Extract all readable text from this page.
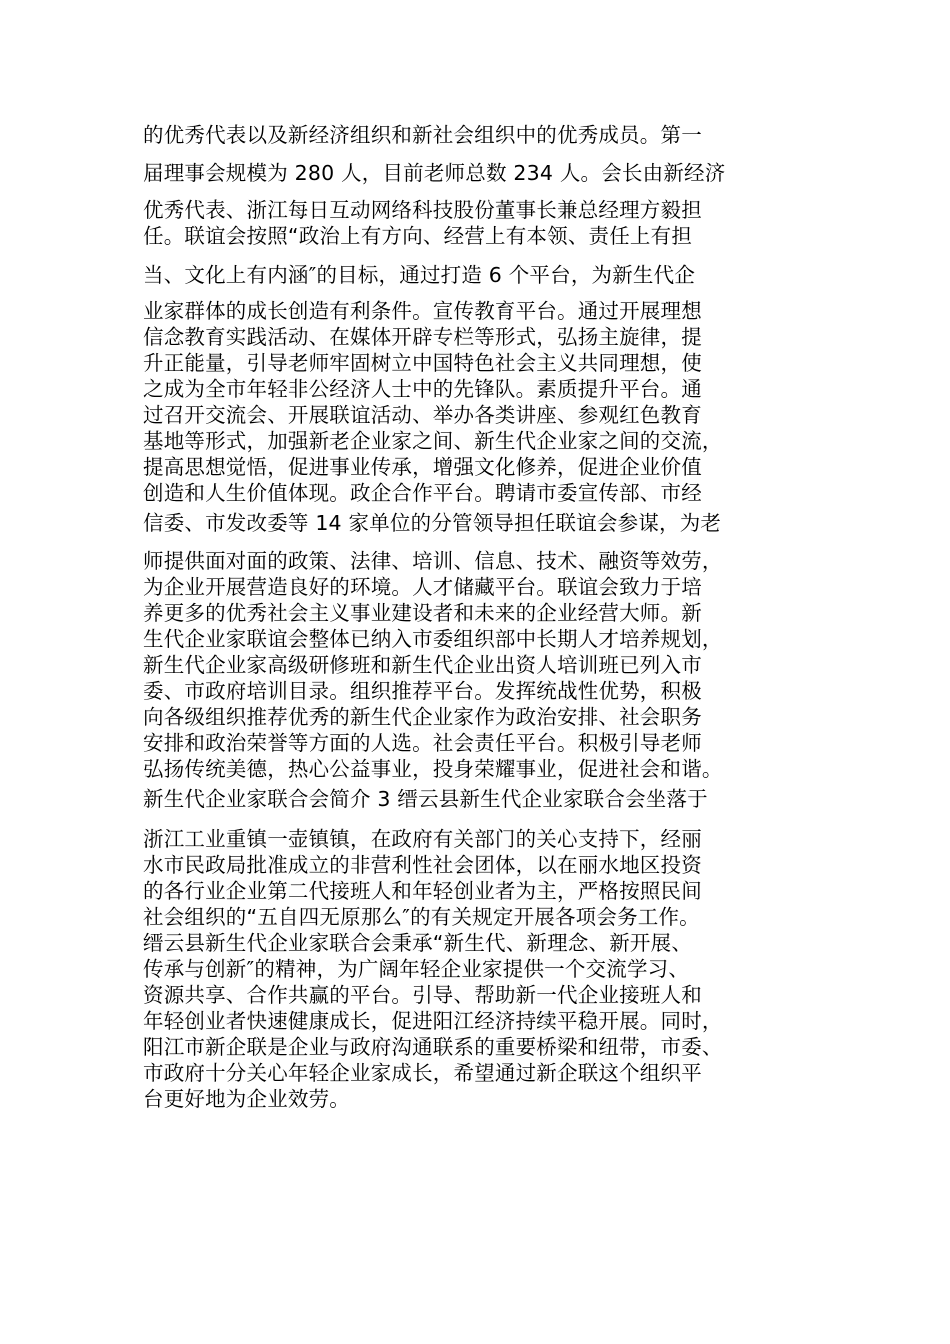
的优秀代表以及新经济组织和新社会组织中的优秀成员。第一
届理事会规模为 280 人，目前老师总数 234 人。会长由新经济
优秀代表、浙江每日互动网络科技股份董事长兼总经理方毅担
任。联谊会按照“政治上有方向、经营上有本领、责任上有担
当、文化上有内涵″的目标，通过打造 6 个平台，为新生代企
业家群体的成长创造有利条件。宣传教育平台。通过开展理想
信念教育实践活动、在媒体开辟专栏等形式，弘扬主旋律，提
升正能量，引导老师牢固树立中国特色社会主义共同理想，使
之成为全市年轻非公经济人士中的先锋队。素质提升平台。通
过召开交流会、开展联谊活动、举办各类讲座、参观红色教育
基地等形式，加强新老企业家之间、新生代企业家之间的交流，
提高思想觉悟，促进事业传承，增强文化修养，促进企业价值
创造和人生价值体现。政企合作平台。聘请市委宣传部、市经
信委、市发改委等 14 家单位的分管领导担任联谊会参谋，为老
师提供面对面的政策、法律、培训、信息、技术、融资等效劳，
为企业开展营造良好的环境。人才储藏平台。联谊会致力于培
养更多的优秀社会主义事业建设者和未来的企业经营大师。新
生代企业家联谊会整体已纳入市委组织部中长期人才培养规划，
新生代企业家高级研修班和新生代企业出资人培训班已列入市
委、市政府培训目录。组织推荐平台。发挥统战性优势，积极
向各级组织推荐优秀的新生代企业家作为政治安排、社会职务
安排和政治荣誉等方面的人选。社会责任平台。积极引导老师
弘扬传统美德，热心公益事业，投身荣耀事业，促进社会和谐。
新生代企业家联合会简介 3 缙云县新生代企业家联合会坐落于
浙江工业重镇一壶镇镇，在政府有关部门的关心支持下，经丽
水市民政局批准成立的非营利性社会团体，以在丽水地区投资
的各行业企业第二代接班人和年轻创业者为主，严格按照民间
社会组织的“五自四无原那么″的有关规定开展各项会务工作。
缙云县新生代企业家联合会秉承“新生代、新理念、新开展、
传承与创新″的精神，为广阔年轻企业家提供一个交流学习、
资源共享、合作共赢的平台。引导、帮助新一代企业接班人和
年轻创业者快速健康成长，促进阳江经济持续平稳开展。同时，
阳江市新企联是企业与政府沟通联系的重要桥梁和纽带，市委、
市政府十分关心年轻企业家成长，希望通过新企联这个组织平
台更好地为企业效劳。
